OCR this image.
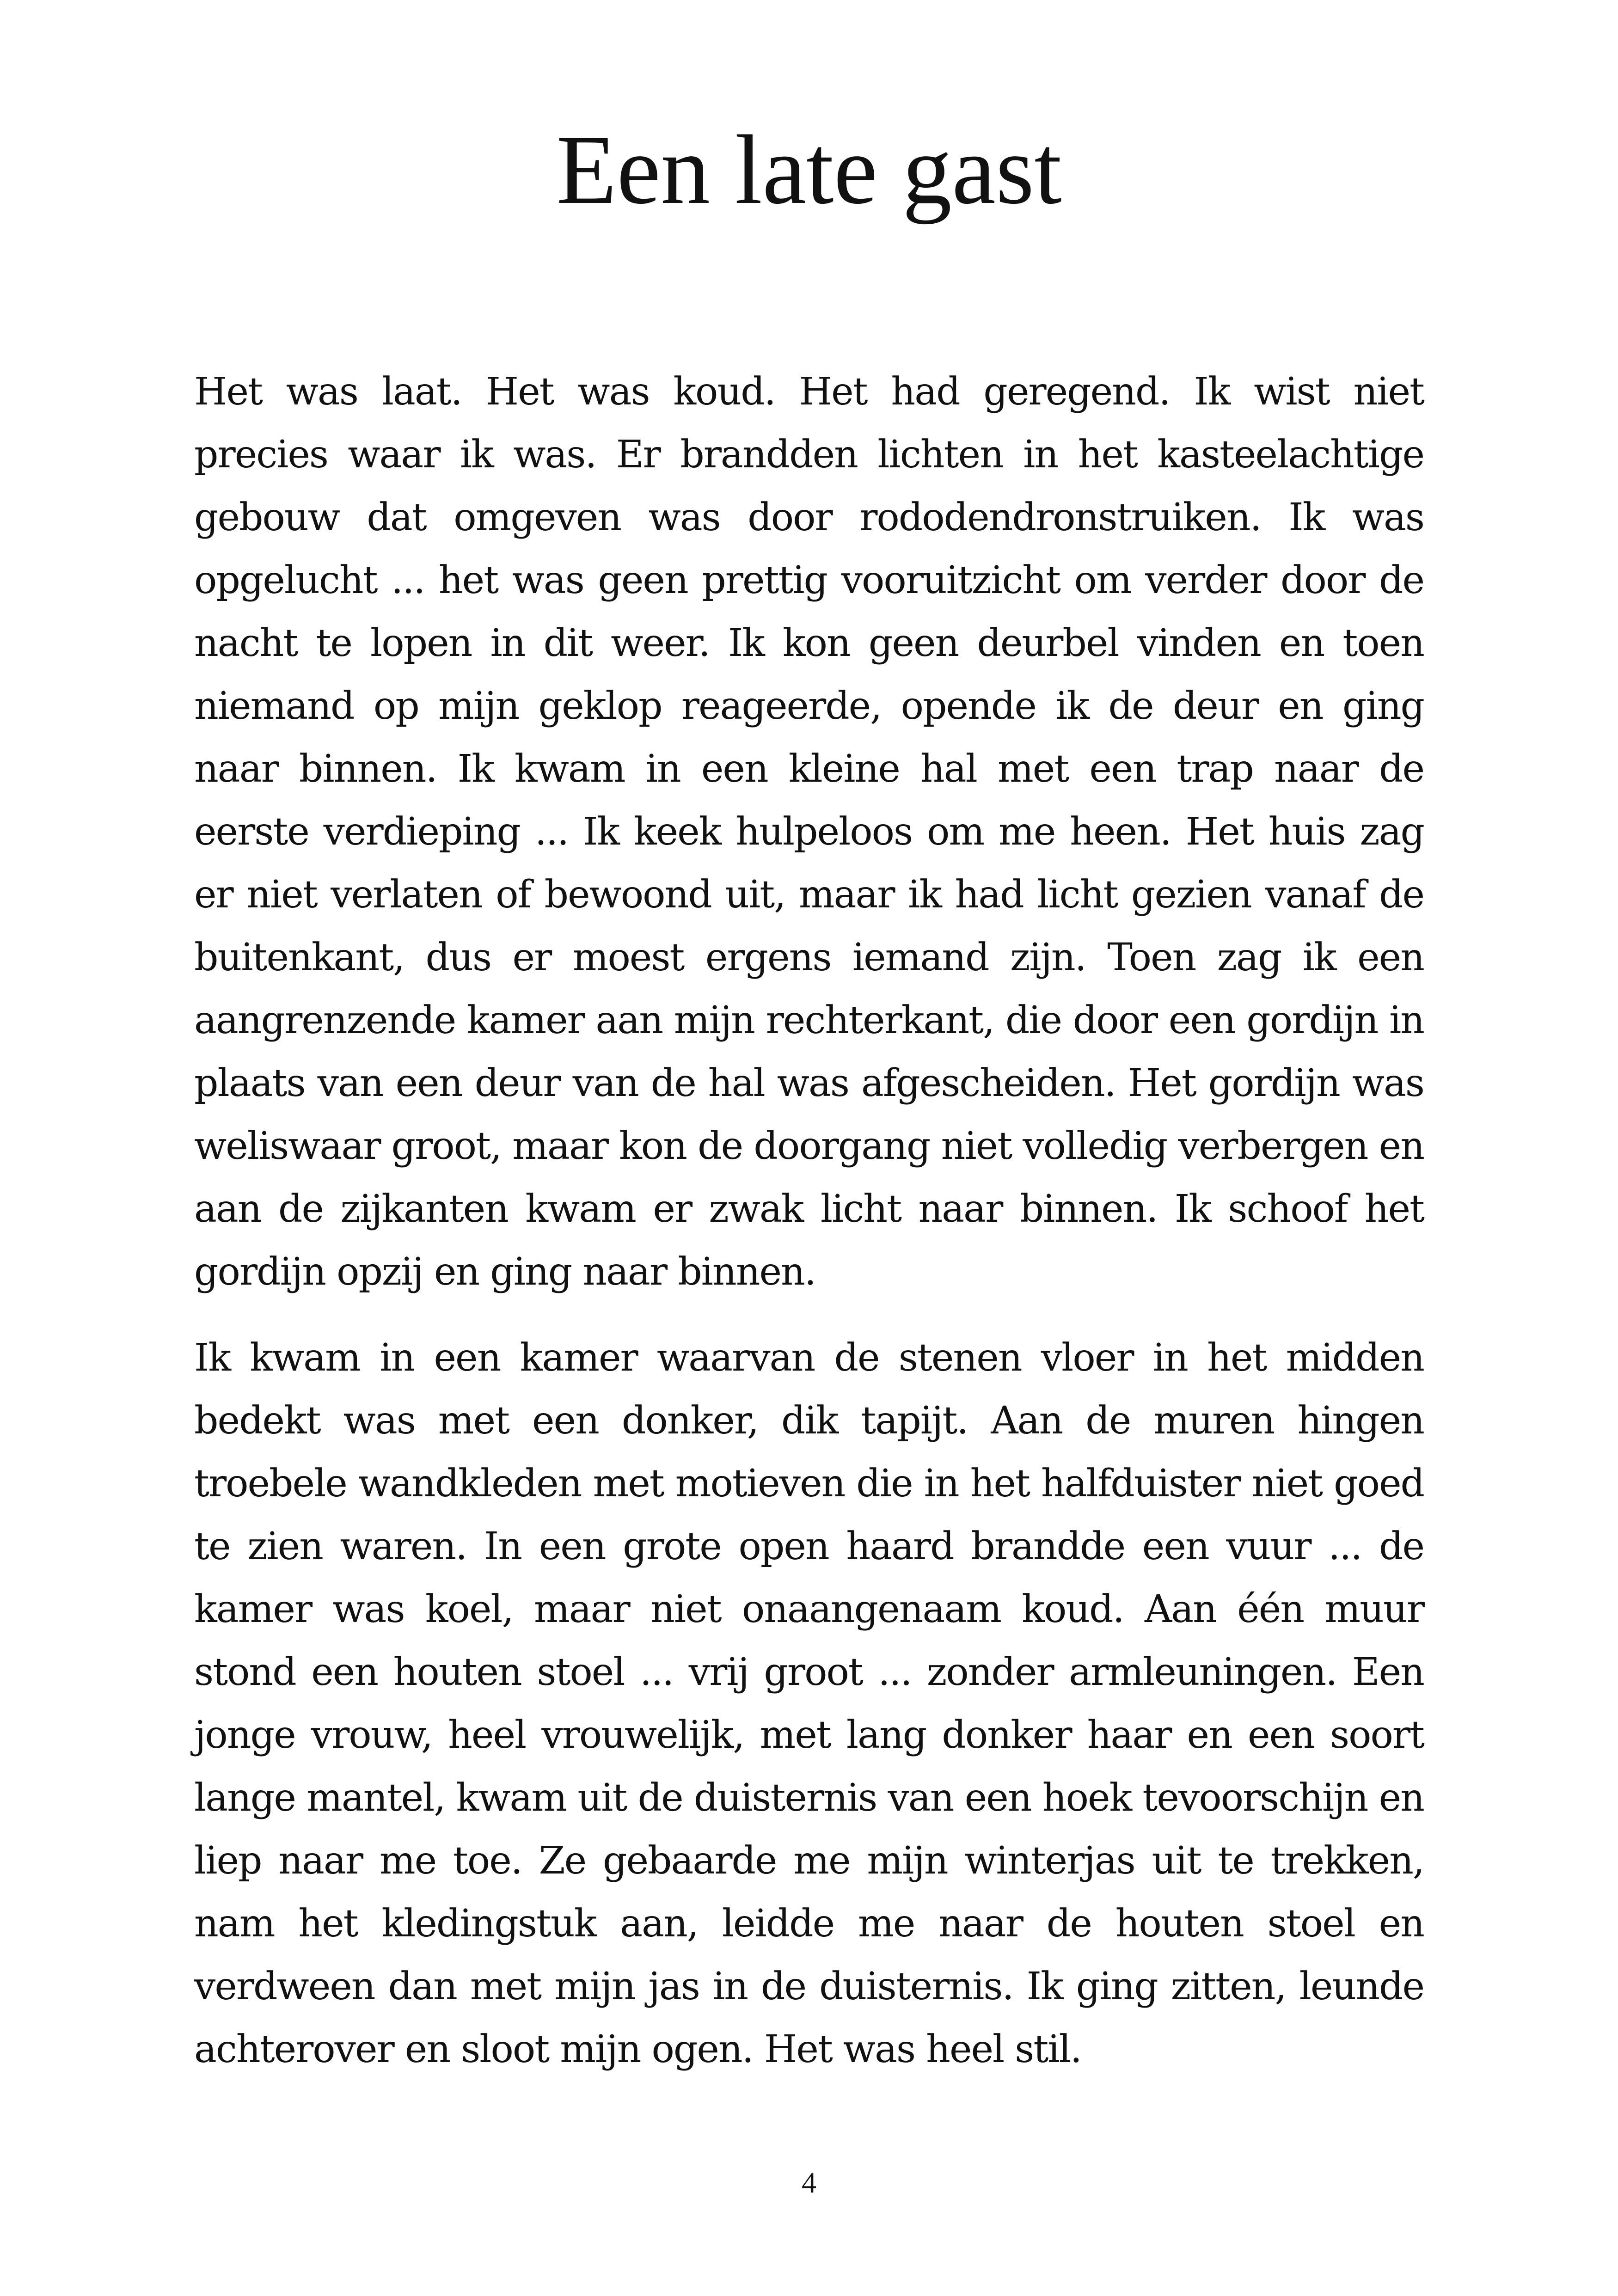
Een late gast

Het was laat. Het was koud. Het had geregend. Ik wist niet precies waar ik was. Er brandden lichten in het kasteelachtige gebouw dat omgeven was door rododendronstruiken. Ik was opgelucht ... het was geen prettig vooruitzicht om verder door de nacht te lopen in dit weer. Ik kon geen deurbel vinden en toen niemand op mijn geklop reageerde, opende ik de deur en ging naar binnen. Ik kwam in een kleine hal met een trap naar de eerste verdieping ... Ik keek hulpeloos om me heen. Het huis zag er niet verlaten of bewoond uit, maar ik had licht gezien vanaf de buitenkant, dus er moest ergens iemand zijn. Toen zag ik een aangrenzende kamer aan mijn rechterkant, die door een gordijn in plaats van een deur van de hal was afgescheiden. Het gordijn was weliswaar groot, maar kon de doorgang niet volledig verbergen en aan de zijkanten kwam er zwak licht naar binnen. Ik schoof het gordijn opzij en ging naar binnen.

Ik kwam in een kamer waarvan de stenen vloer in het midden bedekt was met een donker, dik tapijt. Aan de muren hingen troebele wandkleden met motieven die in het halfduister niet goed te zien waren. In een grote open haard brandde een vuur ... de kamer was koel, maar niet onaangenaam koud. Aan één muur stond een houten stoel ... vrij groot ... zonder armleuningen. Een jonge vrouw, heel vrouwelijk, met lang donker haar en een soort lange mantel, kwam uit de duisternis van een hoek tevoorschijn en liep naar me toe. Ze gebaarde me mijn winterjas uit te trekken, nam het kledingstuk aan, leidde me naar de houten stoel en verdween dan met mijn jas in de duisternis. Ik ging zitten, leunde achterover en sloot mijn ogen. Het was heel stil.

4
